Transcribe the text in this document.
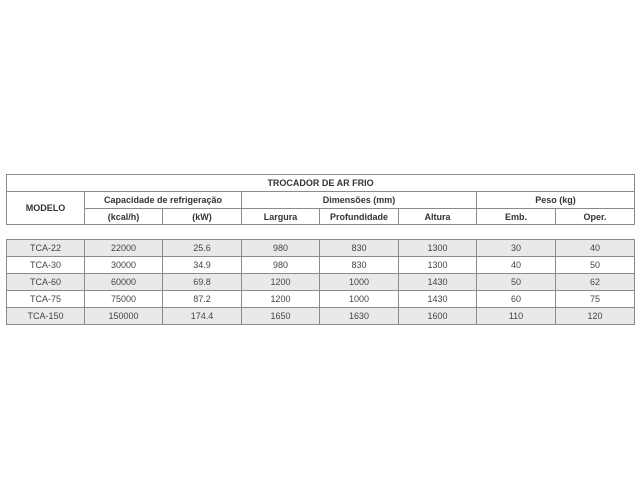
TROCADOR DE AR FRIO							
MODELO	Capacidade de refrigeração		Dimensões (mm)			Peso (kg)	
	(kcal/h)	(kW)	Largura	Profundidade	Altura	Emb.	Oper.

TCA-22	22000	25.6	980	830	1300	30	40
TCA-30	30000	34.9	980	830	1300	40	50
TCA-60	60000	69.8	1200	1000	1430	50	62
TCA-75	75000	87.2	1200	1000	1430	60	75
TCA-150	150000	174.4	1650	1630	1600	110	120
